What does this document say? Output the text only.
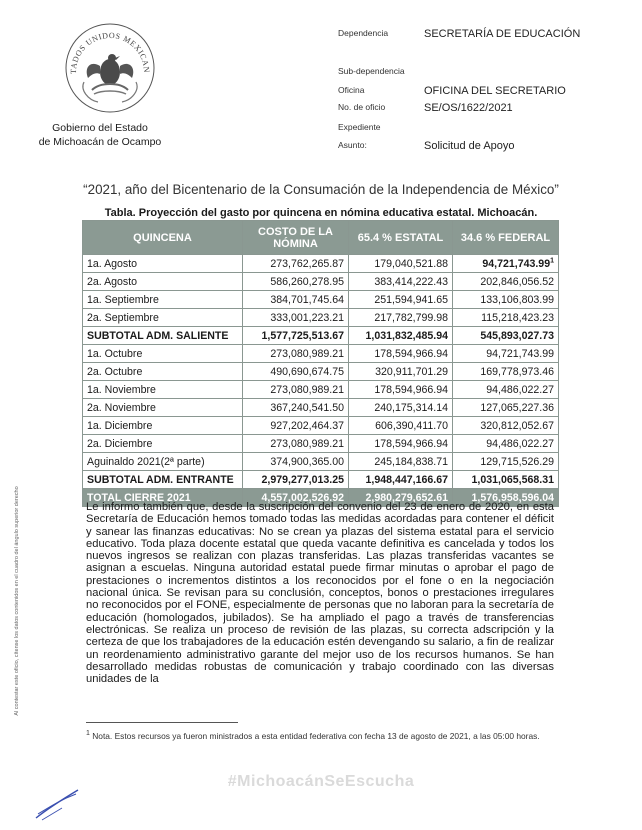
TADOS UNIDOS MEXICAN
Gobierno del Estado
de Michoacán de Ocampo
Dependencia	SECRETARÍA DE EDUCACIÓN
Sub-dependencia
Oficina	OFICINA DEL SECRETARIO
No. de oficio	SE/OS/1622/2021
Expediente
Asunto:	Solicitud de Apoyo
“2021, año del Bicentenario de la Consumación de la Independencia de México”
Tabla. Proyección del gasto por quincena en nómina educativa estatal. Michoacán.
QUINCENA	COSTO DE LA NÓMINA	65.4 % ESTATAL	34.6 % FEDERAL
1a. Agosto	273,762,265.87	179,040,521.88	94,721,743.99$^1$
2a. Agosto	586,260,278.95	383,414,222.43	202,846,056.52
1a. Septiembre	384,701,745.64	251,594,941.65	133,106,803.99
2a. Septiembre	333,001,223.21	217,782,799.98	115,218,423.23
SUBTOTAL ADM. SALIENTE	1,577,725,513.67	1,031,832,485.94	545,893,027.73
1a. Octubre	273,080,989.21	178,594,966.94	94,721,743.99
2a. Octubre	490,690,674.75	320,911,701.29	169,778,973.46
1a. Noviembre	273,080,989.21	178,594,966.94	94,486,022.27
2a. Noviembre	367,240,541.50	240,175,314.14	127,065,227.36
1a. Diciembre	927,202,464.37	606,390,411.70	320,812,052.67
2a. Diciembre	273,080,989.21	178,594,966.94	94,486,022.27
Aguinaldo 2021(2ª parte)	374,900,365.00	245,184,838.71	129,715,526.29
SUBTOTAL ADM. ENTRANTE	2,979,277,013.25	1,948,447,166.67	1,031,065,568.31
TOTAL CIERRE 2021	4,557,002,526.92	2,980,279,652.61	1,576,958,596.04
Le informo también que, desde la suscripción del convenio del 23 de enero de 2020, en esta Secretaría de Educación hemos tomado todas las medidas acordadas para contener el déficit y sanear las finanzas educativas: No se crean ya plazas del sistema estatal para el servicio educativo. Toda plaza docente estatal que queda vacante definitiva es cancelada y todos los nuevos ingresos se realizan con plazas transferidas. Las plazas transferidas vacantes se asignan a escuelas. Ninguna autoridad estatal puede firmar minutas o aprobar el pago de prestaciones o incrementos distintos a los reconocidos por el fone o en la negociación nacional única. Se revisan para su conclusión, conceptos, bonos o prestaciones irregulares no reconocidos por el FONE, especialmente de personas que no laboran para la secretaría de educación (homologados, jubilados). Se ha ampliado el pago a través de transferencias electrónicas. Se realiza un proceso de revisión de las plazas, su correcta adscripción y la certeza de que los trabajadores de la educación estén devengando su salario, a fin de realizar un reordenamiento administrativo garante del mejor uso de los recursos humanos. Se han desarrollado medidas robustas de comunicación y trabajo coordinado con las diversas unidades de la
$^1$ Nota. Estos recursos ya fueron ministrados a esta entidad federativa con fecha 13 de agosto de 2021, a las 05:00 horas.
#MichoacánSeEscucha
Al contestar este oficio, cítense los datos contenidos en el cuadro del ángulo superior derecho
